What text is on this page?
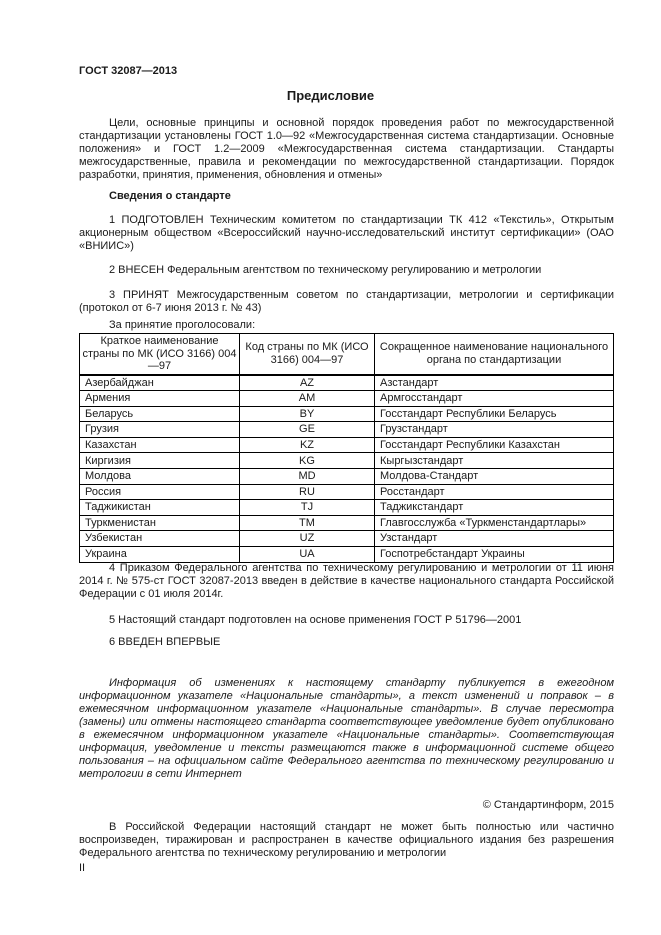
ГОСТ 32087—2013
Предисловие
Цели, основные принципы и основной порядок проведения работ по межгосударственной стандартизации установлены ГОСТ 1.0—92 «Межгосударственная система стандартизации. Основные положения» и ГОСТ 1.2—2009 «Межгосударственная система стандартизации. Стандарты межгосударственные, правила и рекомендации по межгосударственной стандартизации. Порядок разработки, принятия, применения, обновления и отмены»
Сведения о стандарте
1 ПОДГОТОВЛЕН Техническим комитетом по стандартизации ТК 412 «Текстиль», Открытым акционерным обществом «Всероссийский научно-исследовательский институт сертификации» (ОАО «ВНИИС»)
2 ВНЕСЕН Федеральным агентством по техническому регулированию и метрологии
3 ПРИНЯТ Межгосударственным советом по стандартизации, метрологии и сертификации (протокол от 6-7 июня 2013 г. № 43)
За принятие проголосовали:
Краткое наименование страны по МК (ИСО 3166) 004—97	Код страны по МК (ИСО 3166) 004—97	Сокращенное наименование национального органа по стандартизации
Азербайджан	AZ	Азстандарт
Армения	AM	Армгосстандарт
Беларусь	BY	Госстандарт Республики Беларусь
Грузия	GE	Грузстандарт
Казахстан	KZ	Госстандарт Республики Казахстан
Киргизия	KG	Кыргызстандарт
Молдова	MD	Молдова-Стандарт
Россия	RU	Росстандарт
Таджикистан	TJ	Таджикстандарт
Туркменистан	TM	Главгосслужба «Туркменстандартлары»
Узбекистан	UZ	Узстандарт
Украина	UA	Госпотребстандарт Украины
4 Приказом Федерального агентства по техническому регулированию и метрологии от 11 июня 2014 г. № 575-ст ГОСТ 32087-2013 введен в действие в качестве национального стандарта Российской Федерации с 01 июля 2014г.
5 Настоящий стандарт подготовлен на основе применения ГОСТ Р 51796—2001
6 ВВЕДЕН ВПЕРВЫЕ
Информация об изменениях к настоящему стандарту публикуется в ежегодном информационном указателе «Национальные стандарты», а текст изменений и поправок – в ежемесячном информационном указателе «Национальные стандарты». В случае пересмотра (замены) или отмены настоящего стандарта соответствующее уведомление будет опубликовано в ежемесячном информационном указателе «Национальные стандарты». Соответствующая информация, уведомление и тексты размещаются также в информационной системе общего пользования – на официальном сайте Федерального агентства по техническому регулированию и метрологии в сети Интернет
© Стандартинформ, 2015
В Российской Федерации настоящий стандарт не может быть полностью или частично воспроизведен, тиражирован и распространен в качестве официального издания без разрешения Федерального агентства по техническому регулированию и метрологии
II
